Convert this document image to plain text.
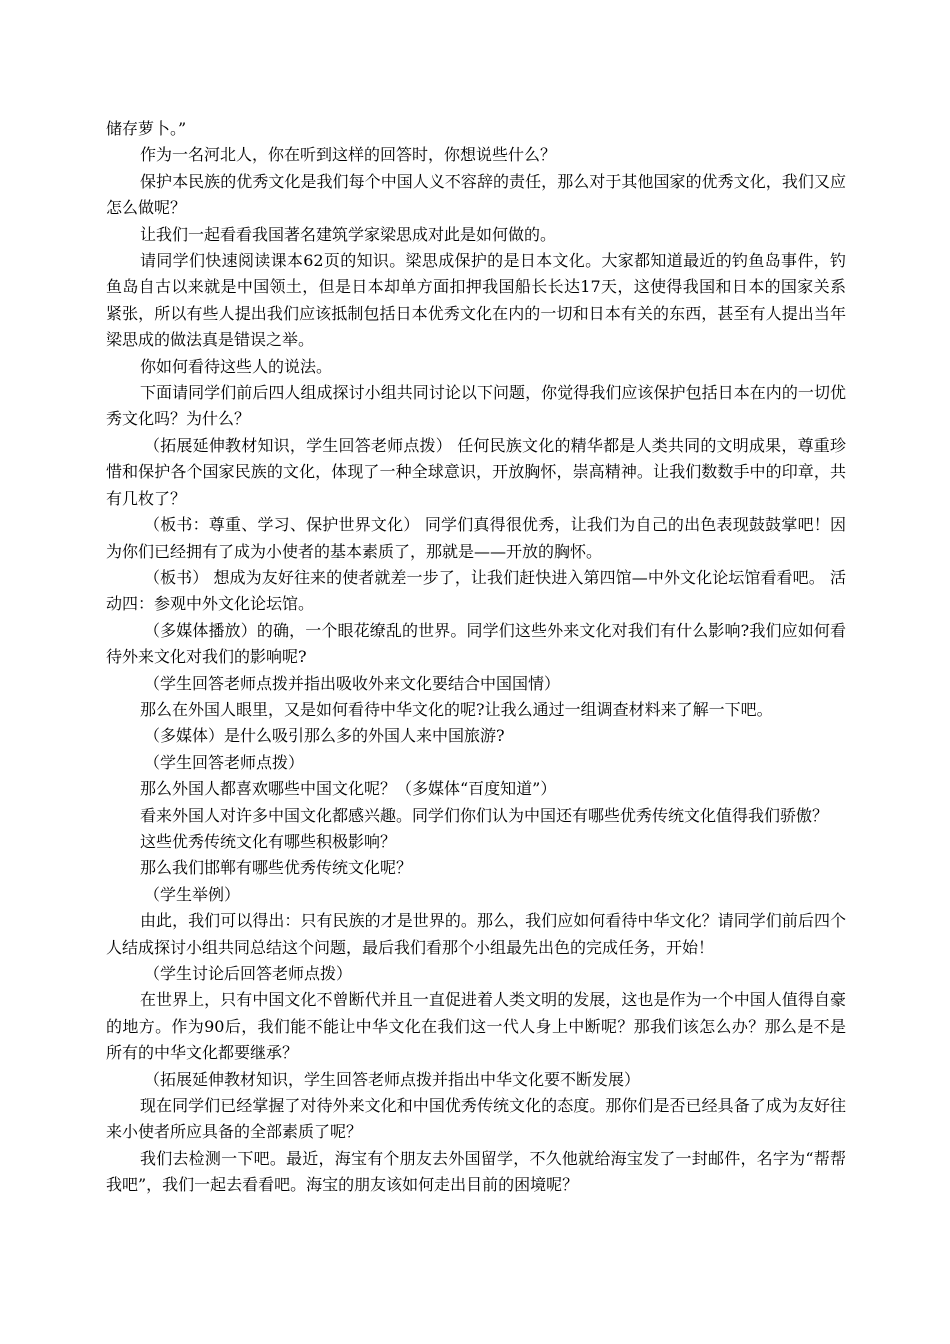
储存萝卜。”

作为一名河北人，你在听到这样的回答时，你想说些什么？

保护本民族的优秀文化是我们每个中国人义不容辞的责任，那么对于其他国家的优秀文化，我们又应怎么做呢？

让我们一起看看我国著名建筑学家梁思成对此是如何做的。

请同学们快速阅读课本62页的知识。梁思成保护的是日本文化。大家都知道最近的钓鱼岛事件，钓鱼岛自古以来就是中国领土，但是日本却单方面扣押我国船长长达17天，这使得我国和日本的国家关系紧张，所以有些人提出我们应该抵制包括日本优秀文化在内的一切和日本有关的东西，甚至有人提出当年梁思成的做法真是错误之举。

你如何看待这些人的说法。

下面请同学们前后四人组成探讨小组共同讨论以下问题，你觉得我们应该保护包括日本在内的一切优秀文化吗？为什么？

（拓展延伸教材知识，学生回答老师点拨） 任何民族文化的精华都是人类共同的文明成果，尊重珍惜和保护各个国家民族的文化，体现了一种全球意识，开放胸怀，崇高精神。让我们数数手中的印章，共有几枚了？

（板书：尊重、学习、保护世界文化） 同学们真得很优秀，让我们为自己的出色表现鼓鼓掌吧！因为你们已经拥有了成为小使者的基本素质了，那就是——开放的胸怀。

（板书） 想成为友好往来的使者就差一步了，让我们赶快进入第四馆—中外文化论坛馆看看吧。 活动四：参观中外文化论坛馆。

（多媒体播放）的确，一个眼花缭乱的世界。同学们这些外来文化对我们有什么影响?我们应如何看待外来文化对我们的影响呢?

（学生回答老师点拨并指出吸收外来文化要结合中国国情）

那么在外国人眼里，又是如何看待中华文化的呢?让我么通过一组调查材料来了解一下吧。

（多媒体）是什么吸引那么多的外国人来中国旅游?

（学生回答老师点拨）

那么外国人都喜欢哪些中国文化呢？（多媒体“百度知道”）

看来外国人对许多中国文化都感兴趣。同学们你们认为中国还有哪些优秀传统文化值得我们骄傲？

这些优秀传统文化有哪些积极影响？

那么我们邯郸有哪些优秀传统文化呢？

（学生举例）

由此，我们可以得出：只有民族的才是世界的。那么，我们应如何看待中华文化？请同学们前后四个人结成探讨小组共同总结这个问题，最后我们看那个小组最先出色的完成任务，开始！

（学生讨论后回答老师点拨）

在世界上，只有中国文化不曾断代并且一直促进着人类文明的发展，这也是作为一个中国人值得自豪的地方。作为90后，我们能不能让中华文化在我们这一代人身上中断呢？那我们该怎么办？那么是不是所有的中华文化都要继承？

（拓展延伸教材知识，学生回答老师点拨并指出中华文化要不断发展）

现在同学们已经掌握了对待外来文化和中国优秀传统文化的态度。那你们是否已经具备了成为友好往来小使者所应具备的全部素质了呢？

我们去检测一下吧。最近，海宝有个朋友去外国留学，不久他就给海宝发了一封邮件，名字为“帮帮我吧”，我们一起去看看吧。海宝的朋友该如何走出目前的困境呢？
